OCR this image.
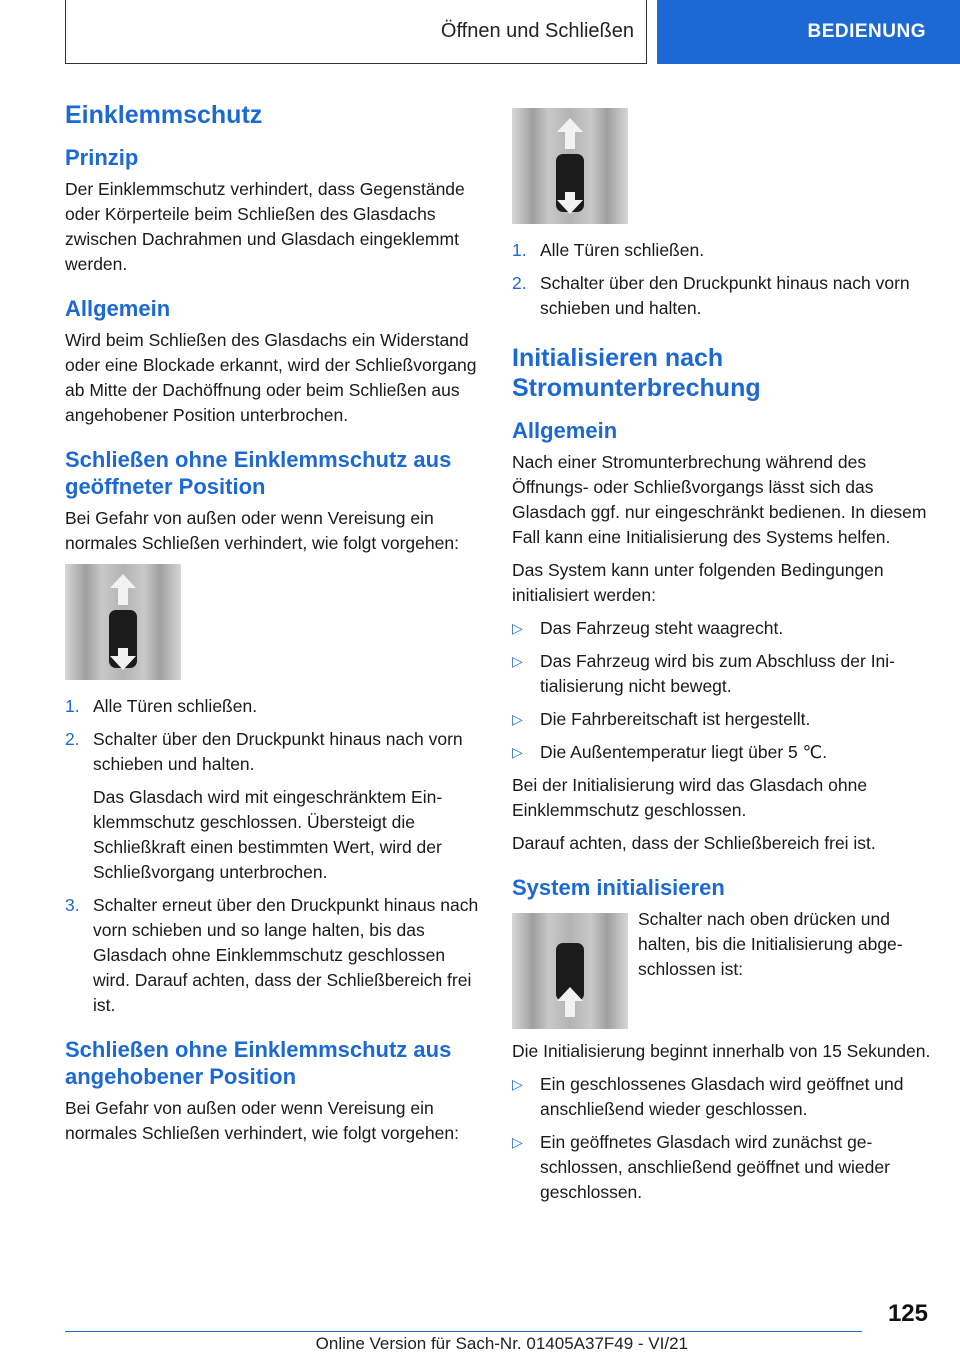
Öffnen und Schließen	BEDIENUNG
Einklemmschutz
Prinzip

Der Einklemmschutz verhindert, dass Gegenstände oder Körperteile beim Schließen des Glasdachs zwischen Dachrahmen und Glasdach eingeklemmt werden.

Allgemein

Wird beim Schließen des Glasdachs ein Widerstand oder eine Blockade erkannt, wird der Schließvorgang ab Mitte der Dachöffnung oder beim Schließen aus angehobener Position unterbrochen.

Schließen ohne Einklemmschutz aus geöffneter Position

Bei Gefahr von außen oder wenn Vereisung ein normales Schließen verhindert, wie folgt vorgehen:

1. Alle Türen schließen.
2. Schalter über den Druckpunkt hinaus nach vorn schieben und halten.

Das Glasdach wird mit eingeschränktem Einklemmschutz geschlossen. Übersteigt die Schließkraft einen bestimmten Wert, wird der Schließvorgang unterbrochen.

3. Schalter erneut über den Druckpunkt hinaus nach vorn schieben und so lange halten, bis das Glasdach ohne Einklemmschutz geschlossen wird. Darauf achten, dass der Schließbereich frei ist.
Schließen ohne Einklemmschutz aus angehobener Position

Bei Gefahr von außen oder wenn Vereisung ein normales Schließen verhindert, wie folgt vorgehen:

1. Alle Türen schließen.
2. Schalter über den Druckpunkt hinaus nach vorn schieben und halten.
Initialisieren nach Stromunterbrechung
Allgemein

Nach einer Stromunterbrechung während des Öffnungs- oder Schließvorgangs lässt sich das Glasdach ggf. nur eingeschränkt bedienen. In diesem Fall kann eine Initialisierung des Systems helfen.

Das System kann unter folgenden Bedingungen initialisiert werden:

▷ Das Fahrzeug steht waagrecht.
▷ Das Fahrzeug wird bis zum Abschluss der Initialisierung nicht bewegt.
▷ Die Fahrbereitschaft ist hergestellt.
▷ Die Außentemperatur liegt über 5 ℃.

Bei der Initialisierung wird das Glasdach ohne Einklemmschutz geschlossen.

Darauf achten, dass der Schließbereich frei ist.

System initialisieren

Schalter nach oben drücken und halten, bis die Initialisierung abgeschlossen ist:

Die Initialisierung beginnt innerhalb von 15 Sekunden.

▷ Ein geschlossenes Glasdach wird geöffnet und anschließend wieder geschlossen.
▷ Ein geöffnetes Glasdach wird zunächst geschlossen, anschließend geöffnet und wieder geschlossen.
125
Online Version für Sach-Nr. 01405A37F49 - VI/21
